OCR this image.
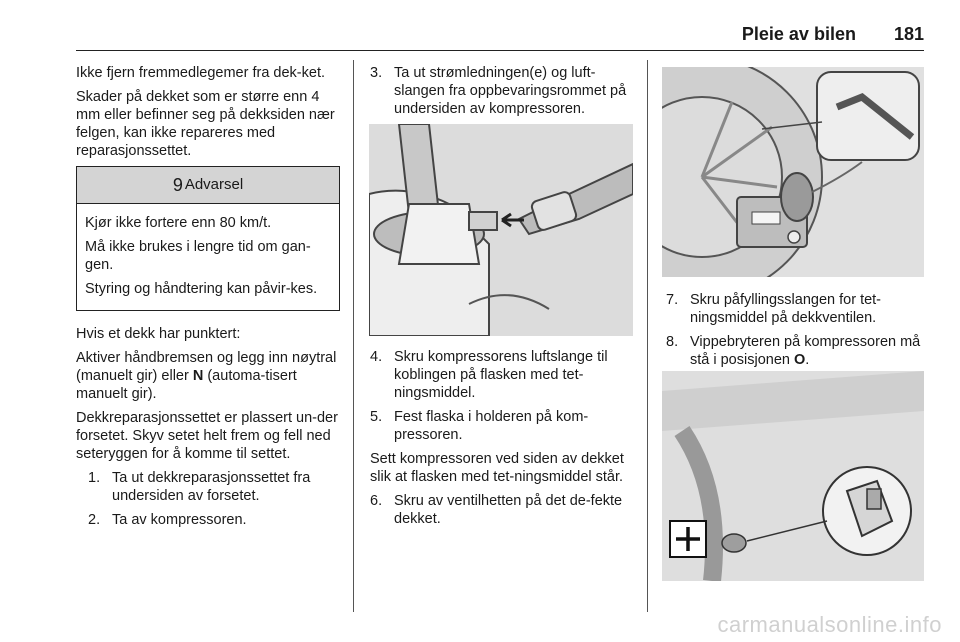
Pleie av bilen 181

Ikke fjern fremmedlegemer fra dek-ket.

Skader på dekket som er større enn 4 mm eller befinner seg på dekksiden nær felgen, kan ikke repareres med reparasjonssettet.

9 Advarsel

Kjør ikke fortere enn 80 km/t.

Må ikke brukes i lengre tid om gan-gen.

Styring og håndtering kan påvir-kes.

Hvis et dekk har punktert:

Aktiver håndbremsen og legg inn nøytral (manuelt gir) eller N (automa-tisert manuelt gir).

Dekkreparasjonssettet er plassert un-der forsetet. Skyv setet helt frem og fell ned seteryggen for å komme til settet.

1. Ta ut dekkreparasjonssettet fra undersiden av forsetet.
2. Ta av kompressoren.
3. Ta ut strømledningen(e) og luft-slangen fra oppbevaringsrommet på undersiden av kompressoren.
4. Skru kompressorens luftslange til koblingen på flasken med tet-ningsmiddel.
5. Fest flaska i holderen på kom-pressoren.

Sett kompressoren ved siden av dekket slik at flasken med tet-ningsmiddel står.

6. Skru av ventilhetten på det de-fekte dekket.
7. Skru påfyllingsslangen for tet-ningsmiddel på dekkventilen.
8. Vippebryteren på kompressoren må stå i posisjonen O.
carmanualsonline.info
